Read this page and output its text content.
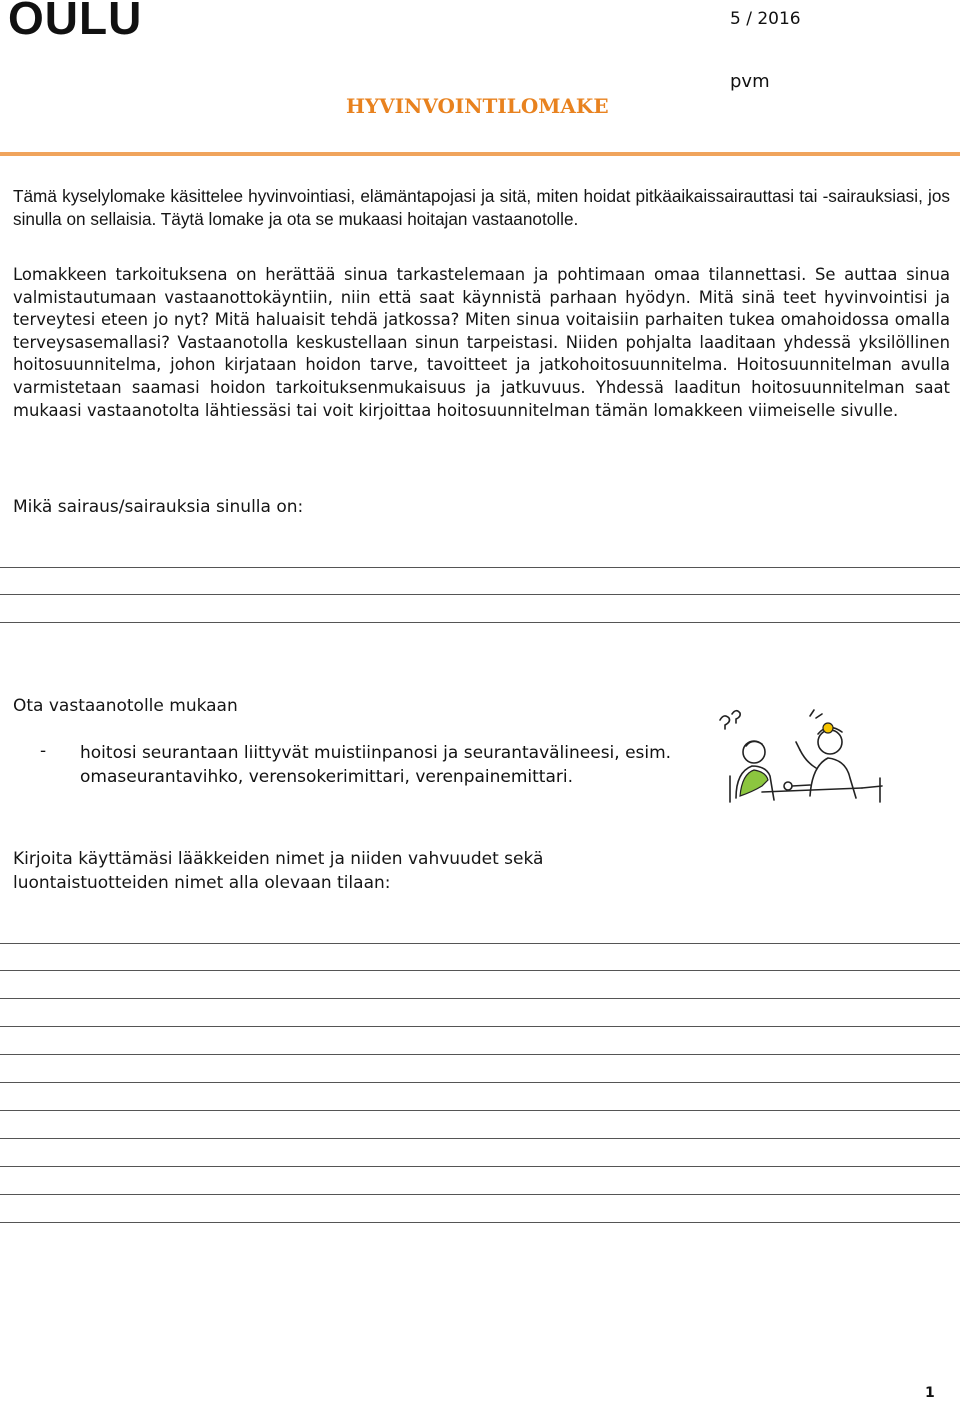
OULU	5 / 2016
pvm
HYVINVOINTILOMAKE

Tämä kyselylomake käsittelee hyvinvointiasi, elämäntapojasi ja sitä, miten hoidat pitkäaikaissairauttasi tai -sairauksiasi, jos sinulla on sellaisia. Täytä lomake ja ota se mukaasi hoitajan vastaanotolle.

Lomakkeen tarkoituksena on herättää sinua tarkastelemaan ja pohtimaan omaa tilannettasi. Se auttaa sinua valmistautumaan vastaanottokäyntiin, niin että saat käynnistä parhaan hyödyn. Mitä sinä teet hyvinvointisi ja terveytesi eteen jo nyt? Mitä haluaisit tehdä jatkossa? Miten sinua voitaisiin parhaiten tukea omahoidossa omalla terveysasemallasi? Vastaanotolla keskustellaan sinun tarpeistasi. Niiden pohjalta laaditaan yhdessä yksilöllinen hoitosuunnitelma, johon kirjataan hoidon tarve, tavoitteet ja jatkohoitosuunnitelma. Hoitosuunnitelman avulla varmistetaan saamasi hoidon tarkoituksenmukaisuus ja jatkuvuus. Yhdessä laaditun hoitosuunnitelman saat mukaasi vastaanotolta lähtiessäsi tai voit kirjoittaa hoitosuunnitelman tämän lomakkeen viimeiselle sivulle.

Mikä sairaus/sairauksia sinulla on:
Ota vastaanotolle mukaan
- hoitosi seurantaan liittyvät muistiinpanosi ja seurantavälineesi, esim. omaseurantavihko, verensokerimittari, verenpainemittari.
Kirjoita käyttämäsi lääkkeiden nimet ja niiden vahvuudet sekä luontaistuotteiden nimet alla olevaan tilaan:
1
